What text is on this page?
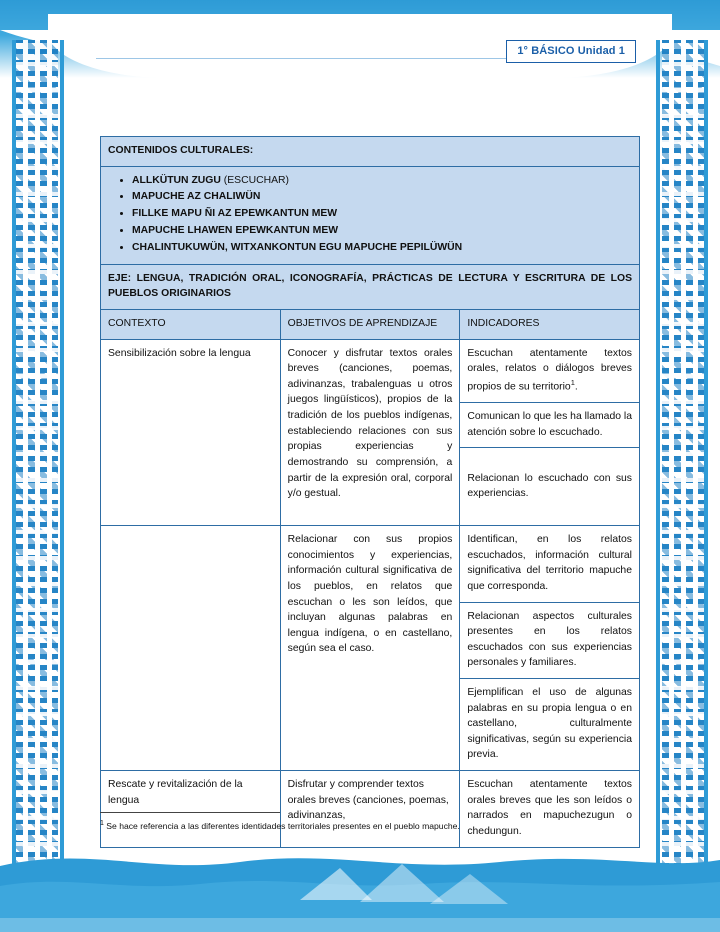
1° BÁSICO Unidad 1
CONTENIDOS CULTURALES:		

• ALLKÜTUN ZUGU (ESCUCHAR)
• MAPUCHE AZ CHALIWÜN
• FILLKE MAPU ÑI AZ EPEWKANTUN MEW
• MAPUCHE LHAWEN EPEWKANTUN MEW
• CHALINTUKUWÜN, WITXANKONTUN EGU MAPUCHE PEPILÜWÜN

EJE: LENGUA, TRADICIÓN ORAL, ICONOGRAFÍA, PRÁCTICAS DE LECTURA Y ESCRITURA DE LOS PUEBLOS ORIGINARIOS		
CONTEXTO	OBJETIVOS DE APRENDIZAJE	INDICADORES
Sensibilización sobre la lengua	Conocer y disfrutar textos orales breves (canciones, poemas, adivinanzas, trabalenguas u otros juegos lingüísticos), propios de la tradición de los pueblos indígenas, estableciendo relaciones con sus propias experiencias y demostrando su comprensión, a partir de la expresión oral, corporal y/o gestual.	Escuchan atentamente textos orales, relatos o diálogos breves propios de su territorio$^1$.
		Comunican lo que les ha llamado la atención sobre lo escuchado.
		Relacionan lo escuchado con sus experiencias.
	Relacionar con sus propios conocimientos y experiencias, información cultural significativa de los pueblos, en relatos que escuchan o les son leídos, que incluyan algunas palabras en lengua indígena, o en castellano, según sea el caso.	Identifican, en los relatos escuchados, información cultural significativa del territorio mapuche que corresponda.
		Relacionan aspectos culturales presentes en los relatos escuchados con sus experiencias personales y familiares.
		Ejemplifican el uso de algunas palabras en su propia lengua o en castellano, culturalmente significativas, según su experiencia previa.
Rescate y revitalización de la lengua	Disfrutar y comprender textos orales breves (canciones, poemas, adivinanzas,	Escuchan atentamente textos orales breves que les son leídos o narrados en mapuchezugun o chedungun.
$^1$ Se hace referencia a las diferentes identidades territoriales presentes en el pueblo mapuche.
